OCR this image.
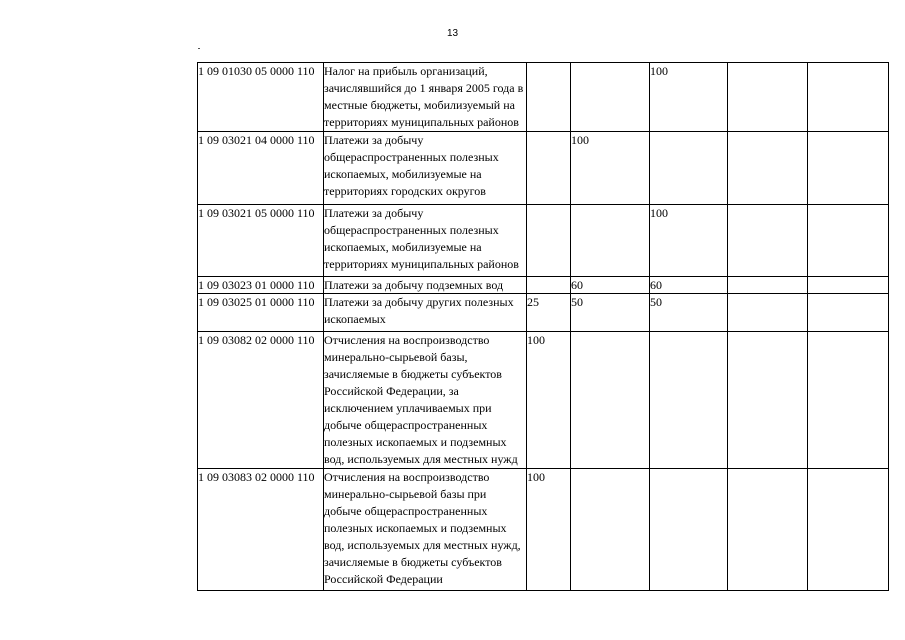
13
1 09 01030 05 0000 110	Налог на прибыль организаций, зачислявшийся до 1 января 2005 года в местные бюджеты, мобилизуемый на территориях муниципальных районов			100		
1 09 03021 04 0000 110	Платежи за добычу общераспространенных полезных ископаемых, мобилизуемые на территориях городских округов		100			
1 09 03021 05 0000 110	Платежи за добычу общераспространенных полезных ископаемых, мобилизуемые на территориях муниципальных районов			100		
1 09 03023 01 0000 110	Платежи за добычу подземных вод		60	60		
1 09 03025 01 0000 110	Платежи за добычу других полезных ископаемых	25	50	50		
1 09 03082 02 0000 110	Отчисления на воспроизводство минерально-сырьевой базы, зачисляемые в бюджеты субъектов Российской Федерации, за исключением уплачиваемых при добыче общераспространенных полезных ископаемых и подземных вод, используемых для местных нужд	100				
1 09 03083 02 0000 110	Отчисления на воспроизводство минерально-сырьевой базы при добыче общераспространенных полезных ископаемых и подземных вод, используемых для местных нужд, зачисляемые в бюджеты субъектов Российской Федерации	100				
